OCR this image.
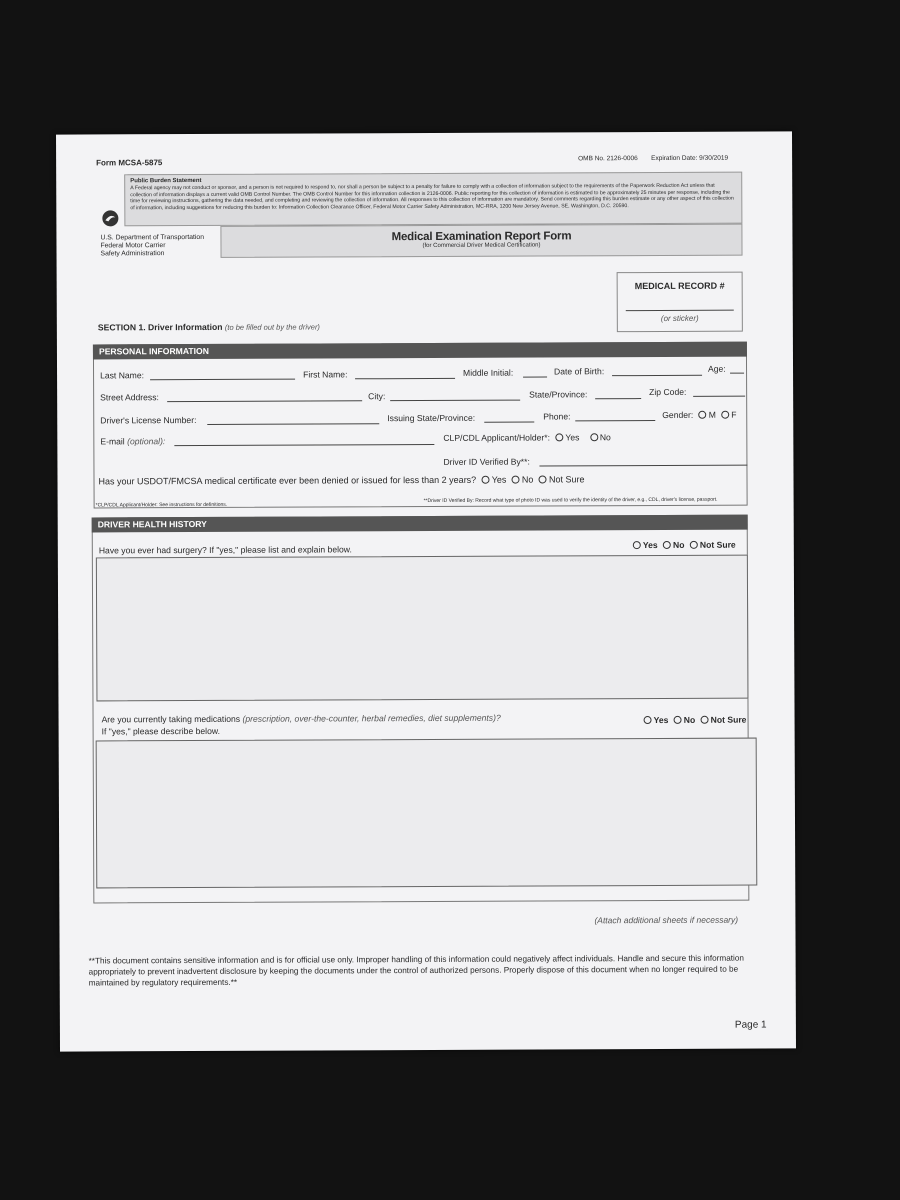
Form MCSA-5875	OMB No. 2126-0006 Expiration Date: 9/30/2019
Public Burden Statement
A Federal agency may not conduct or sponsor, and a person is not required to respond to, nor shall a person be subject to a penalty for failure to comply with a collection of information subject to the requirements of the Paperwork Reduction Act unless that collection of information displays a current valid OMB Control Number. The OMB Control Number for this information collection is 2126-0006. Public reporting for this collection of information is estimated to be approximately 25 minutes per response, including the time for reviewing instructions, gathering the data needed, and completing and reviewing the collection of information. All responses to this collection of information are mandatory. Send comments regarding this burden estimate or any other aspect of this collection of information, including suggestions for reducing this burden to: Information Collection Clearance Officer, Federal Motor Carrier Safety Administration, MC-RRA, 1200 New Jersey Avenue, SE, Washington, D.C. 20590.
U.S. Department of Transportation
Federal Motor Carrier
Safety Administration
Medical Examination Report Form
(for Commercial Driver Medical Certification)
MEDICAL RECORD #
(or sticker)
SECTION 1. Driver Information (to be filled out by the driver)
PERSONAL INFORMATION
Last Name:	First Name:	Middle Initial:	Date of Birth:	Age:
Street Address:	City:	State/Province:	Zip Code:
Driver's License Number:	Issuing State/Province:	Phone:	Gender: M F
E-mail (optional):	CLP/CDL Applicant/Holder*: Yes No
Driver ID Verified By**:
Has your USDOT/FMCSA medical certificate ever been denied or issued for less than 2 years? Yes No Not Sure
*CLP/CDL Applicant/Holder: See instructions for definitions.
**Driver ID Verified By: Record what type of photo ID was used to verify the identity of the driver, e.g., CDL, driver's license, passport.
DRIVER HEALTH HISTORY
Have you ever had surgery? If "yes," please list and explain below.	Yes No Not Sure
Are you currently taking medications (prescription, over-the-counter, herbal remedies, diet supplements)?
If "yes," please describe below.
Yes No Not Sure
(Attach additional sheets if necessary)
**This document contains sensitive information and is for official use only. Improper handling of this information could negatively affect individuals. Handle and secure this information appropriately to prevent inadvertent disclosure by keeping the documents under the control of authorized persons. Properly dispose of this document when no longer required to be maintained by regulatory requirements.**
Page 1
